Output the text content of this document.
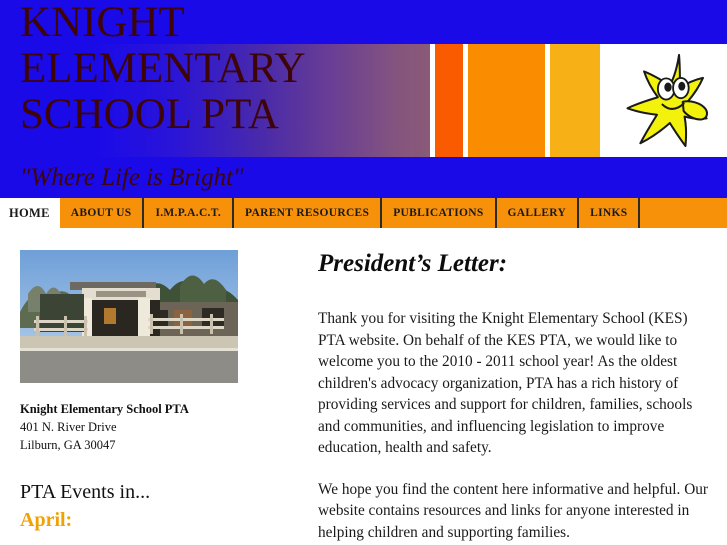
KNIGHT
ELEMENTARY
SCHOOL PTA
"Where Life is Bright"
HOME	ABOUT US	I.M.P.A.C.T.	PARENT RESOURCES	PUBLICATIONS	GALLERY	LINKS
Knight Elementary School PTA
401 N. River Drive
Lilburn, GA 30047
PTA Events in...
April:
President’s Letter:

Thank you for visiting the Knight Elementary School (KES) PTA website. On behalf of the KES PTA, we would like to welcome you to the 2010 - 2011 school year! As the oldest children's advocacy organization, PTA has a rich history of providing services and support for children, families, schools and communities, and influencing legislation to improve education, health and safety.

We hope you find the content here informative and helpful. Our website contains resources and links for anyone interested in helping children and supporting families.
